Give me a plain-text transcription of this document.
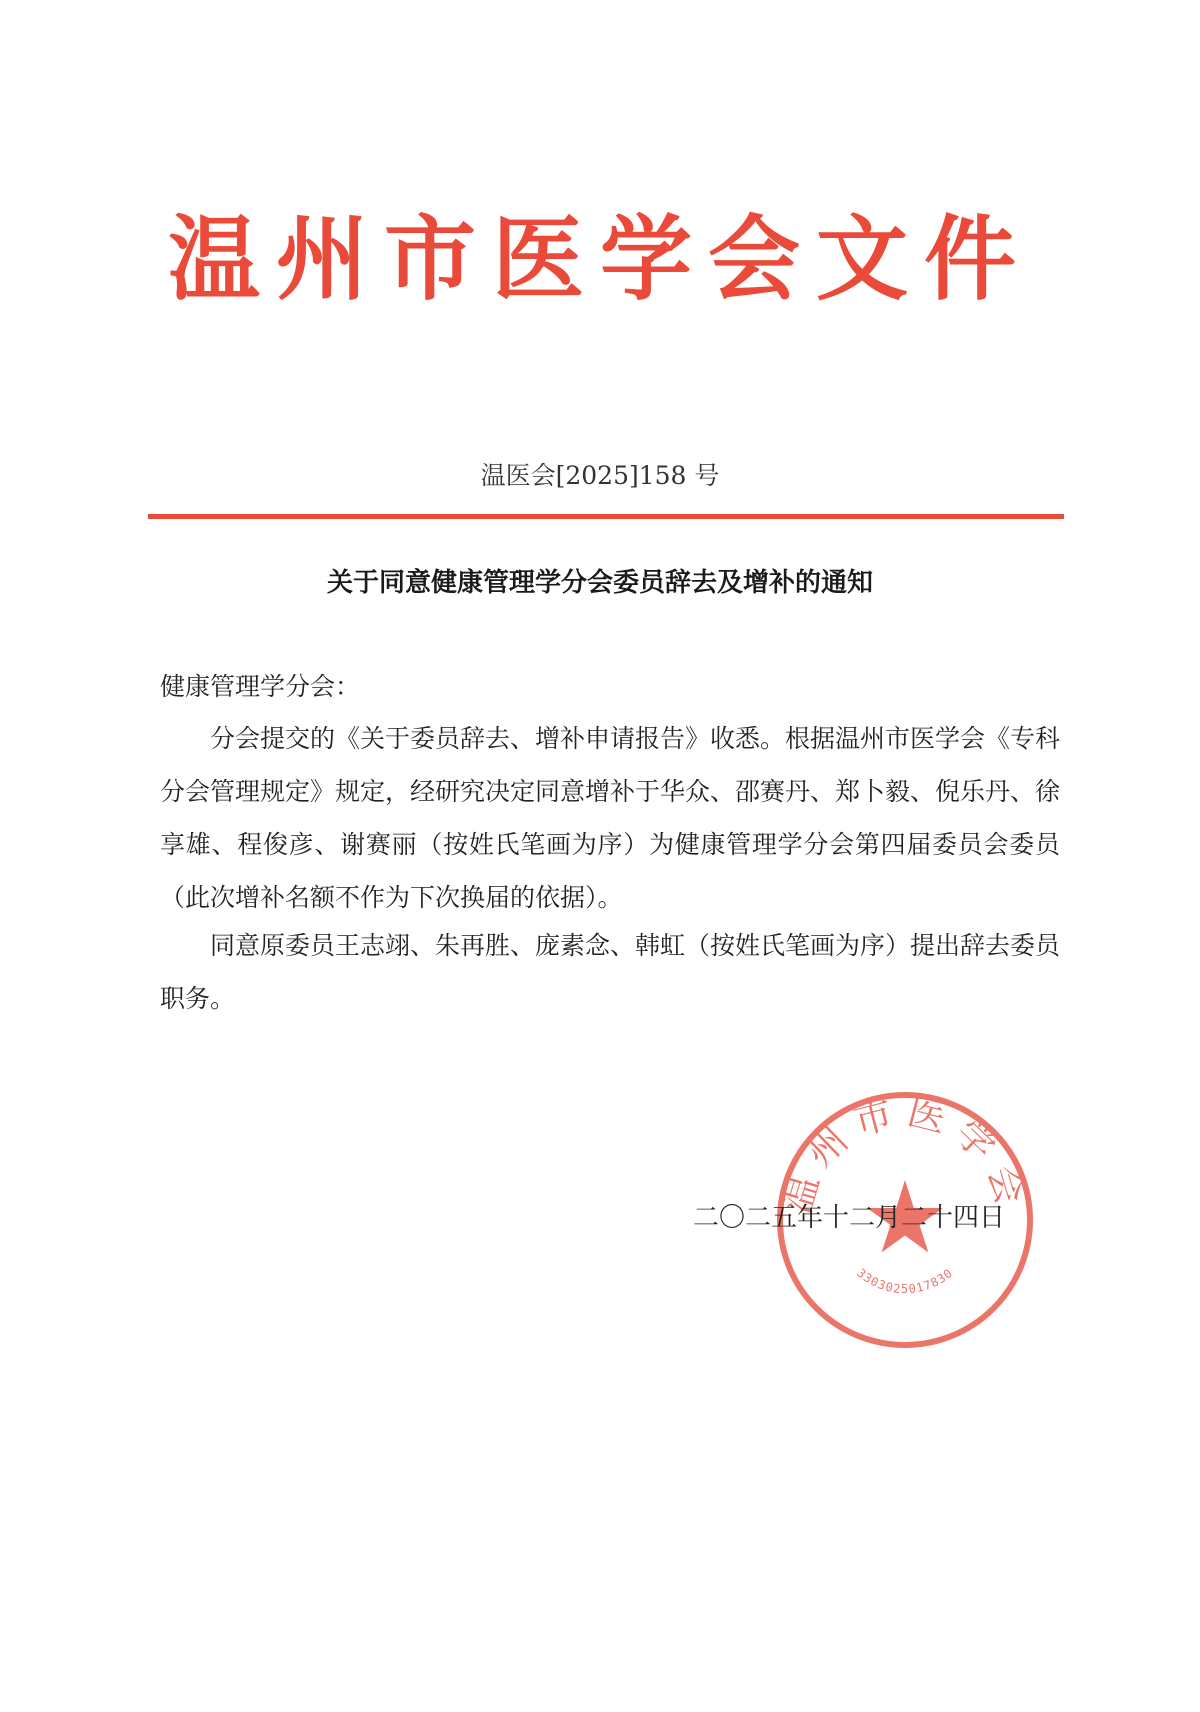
温州市医学会文件
温医会[2025]158 号
关于同意健康管理学分会委员辞去及增补的通知
健康管理学分会：

分会提交的《关于委员辞去、增补申请报告》收悉。根据温州市医学会《专科分会管理规定》规定，经研究决定同意增补于华众、邵赛丹、郑卜毅、倪乐丹、徐享雄、程俊彦、谢赛丽（按姓氏笔画为序）为健康管理学分会第四届委员会委员（此次增补名额不作为下次换届的依据）。

同意原委员王志翊、朱再胜、庞素念、韩虹（按姓氏笔画为序）提出辞去委员职务。

温州市医学会
3303025017830
二〇二五年十二月二十四日
